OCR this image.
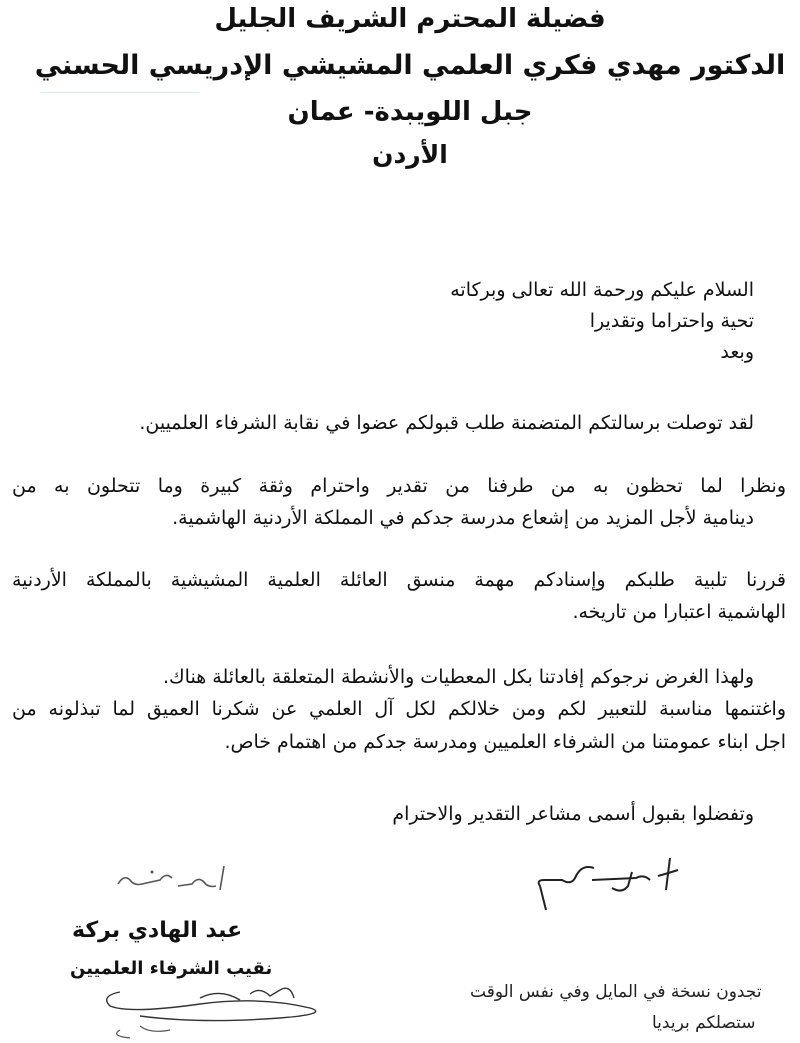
فضيلة المحترم الشريف الجليل
الدكتور مهدي فكري العلمي المشيشي الإدريسي الحسني
جبل اللويبدة- عمان
الأردن
السلام عليكم ورحمة الله تعالى وبركاته
تحية واحتراما وتقديرا
وبعد
لقد توصلت برسالتكم المتضمنة طلب قبولكم عضوا في نقابة الشرفاء العلميين.
ونظرا لما تحظون به من طرفنا من تقدير واحترام وثقة كبيرة وما تتحلون به من
دينامية لأجل المزيد من إشعاع مدرسة جدكم في المملكة الأردنية الهاشمية.
قررنا تلبية طلبكم وإسنادكم مهمة منسق العائلة العلمية المشيشية بالمملكة الأردنية
الهاشمية اعتبارا من تاريخه.
ولهذا الغرض نرجوكم إفادتنا بكل المعطيات والأنشطة المتعلقة بالعائلة هناك.
واغتنمها مناسبة للتعبير لكم ومن خلالكم لكل آل العلمي عن شكرنا العميق لما تبذلونه من
اجل ابناء عمومتنا من الشرفاء العلميين ومدرسة جدكم من اهتمام خاص.
وتفضلوا بقبول أسمى مشاعر التقدير والاحترام
عبد الهادي بركة
نقيب الشرفاء العلميين
تجدون نسخة في المايل وفي نفس الوقت
ستصلكم بريديا
